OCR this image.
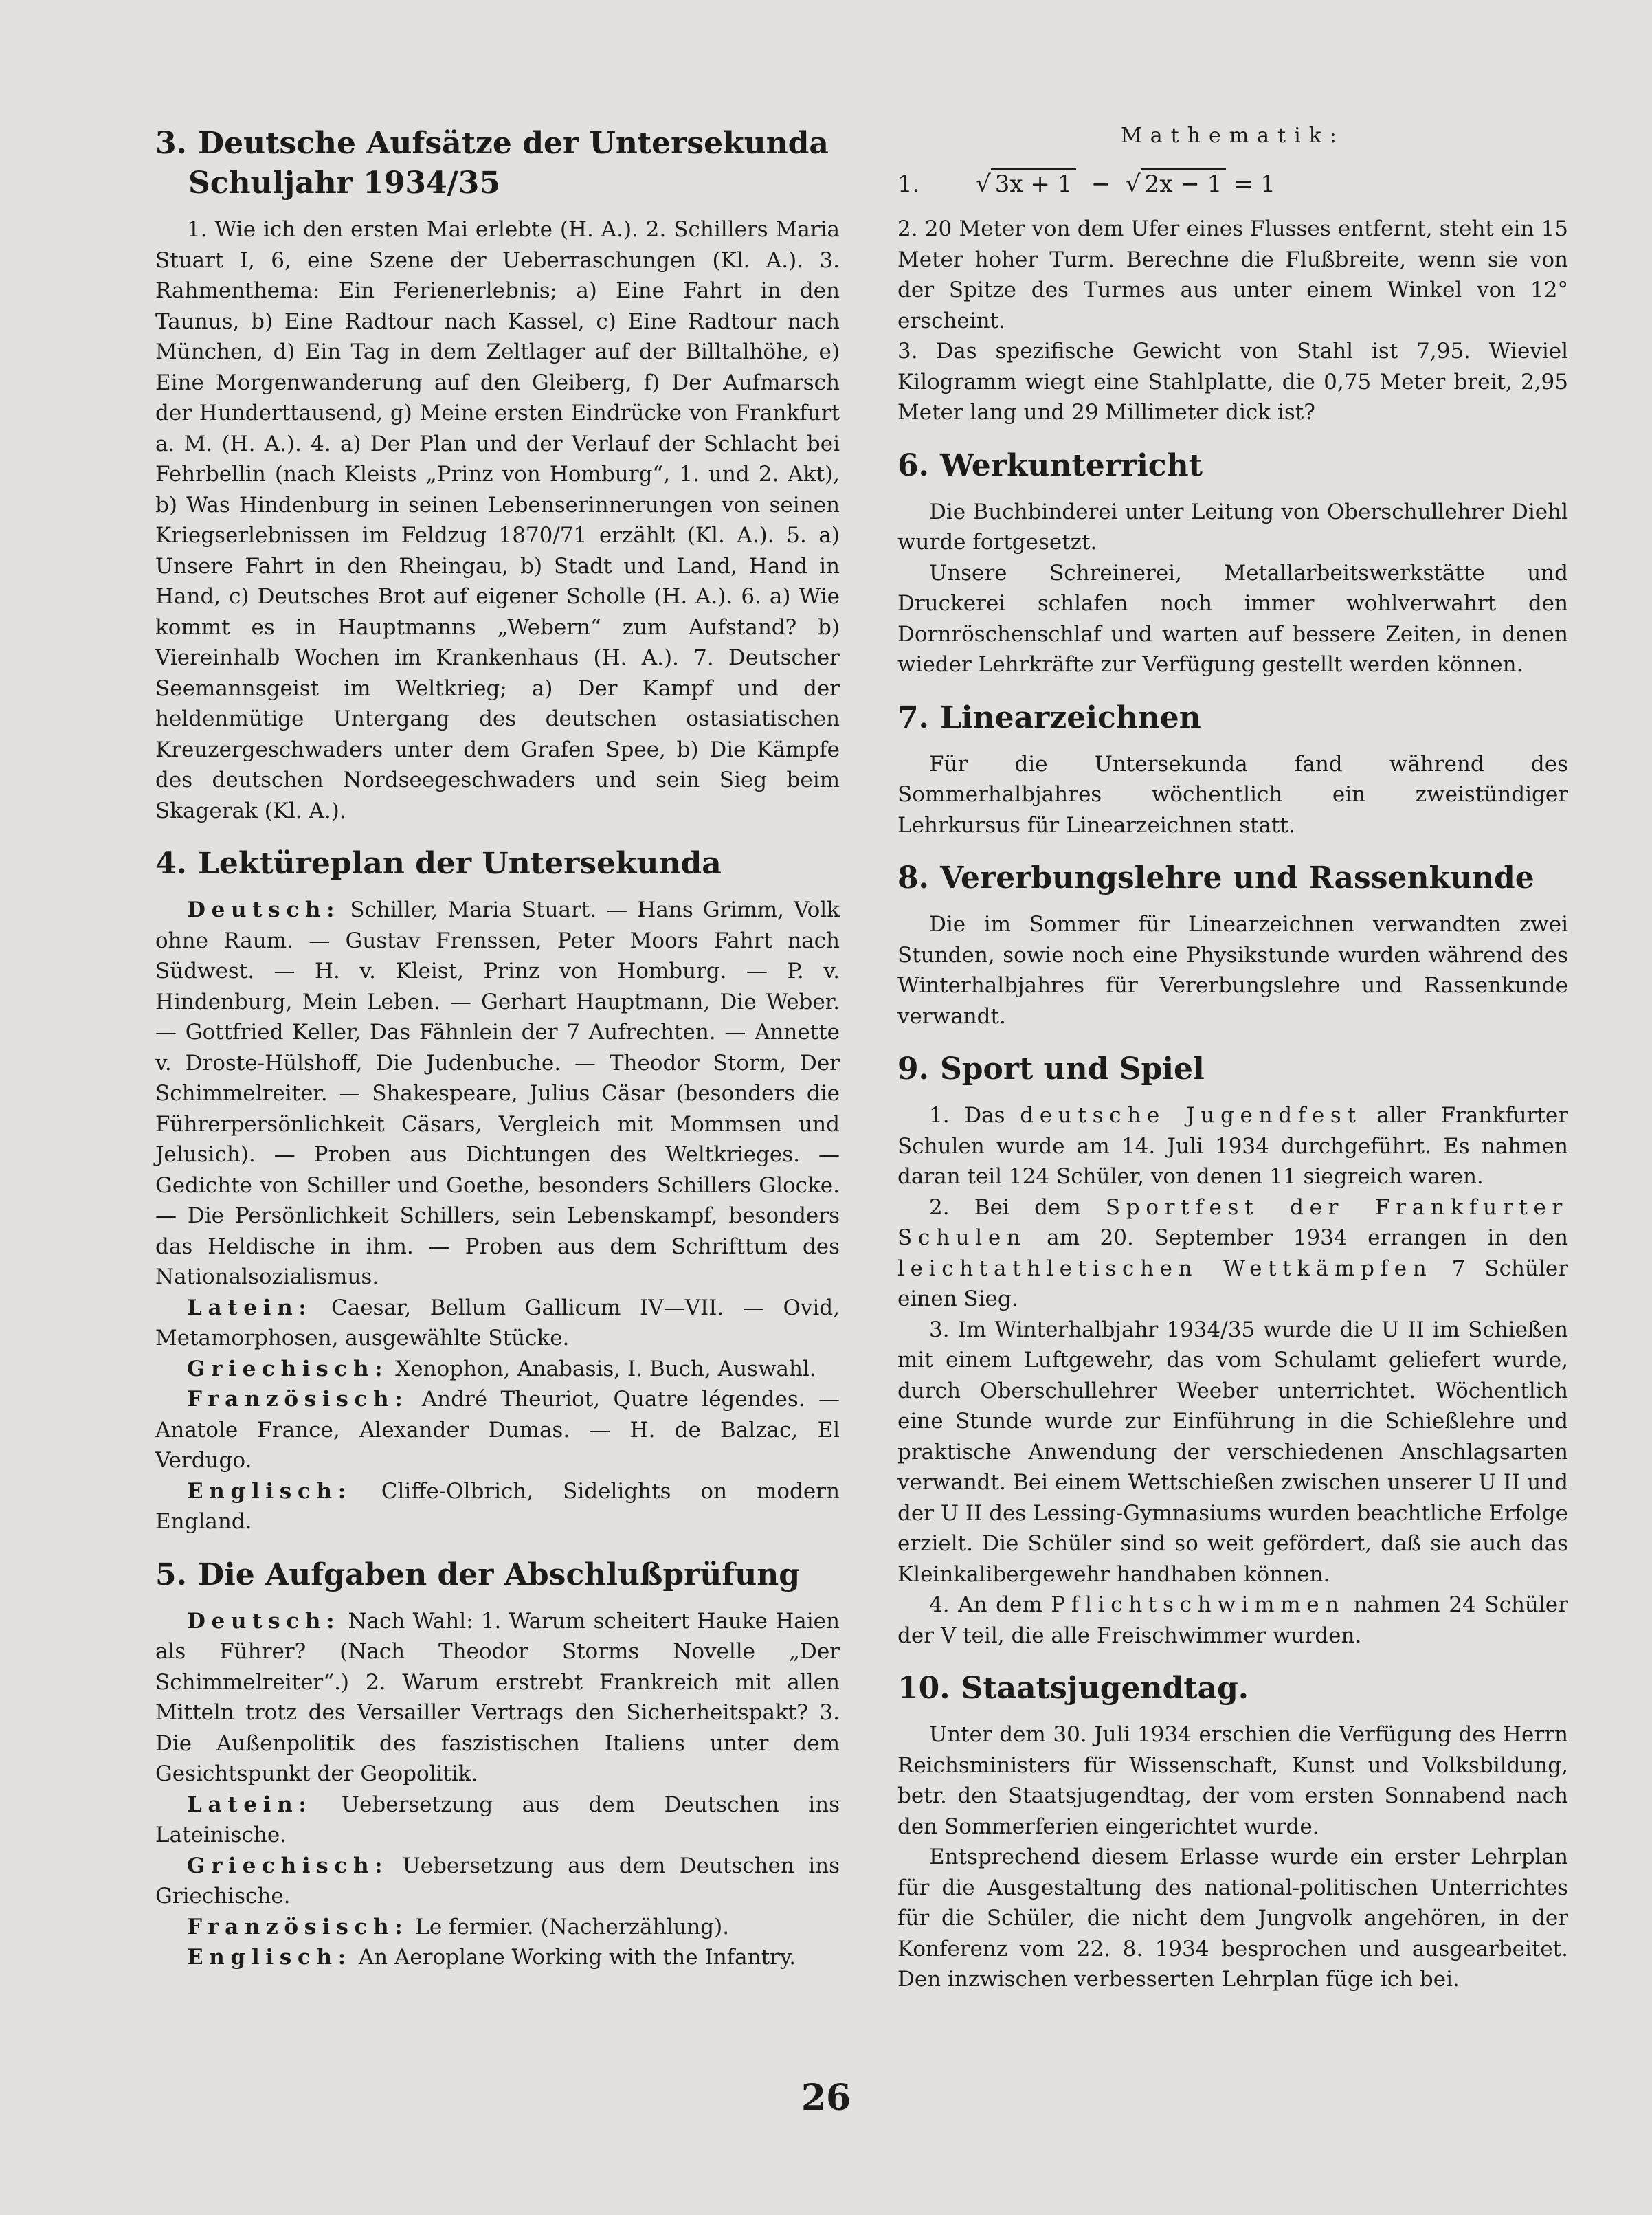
3. Deutsche Aufsätze der Untersekunda
Schuljahr 1934/35

1. Wie ich den ersten Mai erlebte (H. A.). 2. Schillers Maria Stuart I, 6, eine Szene der Ueberraschungen (Kl. A.). 3. Rahmenthema: Ein Ferienerlebnis; a) Eine Fahrt in den Taunus, b) Eine Radtour nach Kassel, c) Eine Radtour nach München, d) Ein Tag in dem Zeltlager auf der Billtalhöhe, e) Eine Morgenwanderung auf den Gleiberg, f) Der Aufmarsch der Hunderttausend, g) Meine ersten Eindrücke von Frankfurt a. M. (H. A.). 4. a) Der Plan und der Verlauf der Schlacht bei Fehrbellin (nach Kleists „Prinz von Homburg“, 1. und 2. Akt), b) Was Hindenburg in seinen Lebenserinnerungen von seinen Kriegserlebnissen im Feldzug 1870/71 erzählt (Kl. A.). 5. a) Unsere Fahrt in den Rheingau, b) Stadt und Land, Hand in Hand, c) Deutsches Brot auf eigener Scholle (H. A.). 6. a) Wie kommt es in Hauptmanns „Webern“ zum Aufstand? b) Viereinhalb Wochen im Krankenhaus (H. A.). 7. Deutscher Seemannsgeist im Weltkrieg; a) Der Kampf und der heldenmütige Untergang des deutschen ostasiatischen Kreuzergeschwaders unter dem Grafen Spee, b) Die Kämpfe des deutschen Nordseegeschwaders und sein Sieg beim Skagerak (Kl. A.).

4. Lektüreplan der Untersekunda

Deutsch: Schiller, Maria Stuart. — Hans Grimm, Volk ohne Raum. — Gustav Frenssen, Peter Moors Fahrt nach Südwest. — H. v. Kleist, Prinz von Homburg. — P. v. Hindenburg, Mein Leben. — Gerhart Hauptmann, Die Weber. — Gottfried Keller, Das Fähnlein der 7 Aufrechten. — Annette v. Droste-Hülshoff, Die Judenbuche. — Theodor Storm, Der Schimmelreiter. — Shakespeare, Julius Cäsar (besonders die Führerpersönlichkeit Cäsars, Vergleich mit Mommsen und Jelusich). — Proben aus Dichtungen des Weltkrieges. — Gedichte von Schiller und Goethe, besonders Schillers Glocke. — Die Persönlichkeit Schillers, sein Lebenskampf, besonders das Heldische in ihm. — Proben aus dem Schrifttum des Nationalsozialismus.

Latein: Caesar, Bellum Gallicum IV—VII. — Ovid, Metamorphosen, ausgewählte Stücke.

Griechisch: Xenophon, Anabasis, I. Buch, Auswahl.

Französisch: André Theuriot, Quatre légendes. — Anatole France, Alexander Dumas. — H. de Balzac, El Verdugo.

Englisch: Cliffe-Olbrich, Sidelights on modern England.

5. Die Aufgaben der Abschlußprüfung

Deutsch: Nach Wahl: 1. Warum scheitert Hauke Haien als Führer? (Nach Theodor Storms Novelle „Der Schimmelreiter“.) 2. Warum erstrebt Frankreich mit allen Mitteln trotz des Versailler Vertrags den Sicherheitspakt? 3. Die Außenpolitik des faszistischen Italiens unter dem Gesichtspunkt der Geopolitik.

Latein: Uebersetzung aus dem Deutschen ins Lateinische.

Griechisch: Uebersetzung aus dem Deutschen ins Griechische.

Französisch: Le fermier. (Nacherzählung).

Englisch: An Aeroplane Working with the Infantry.

Mathematik:
1. √ 3x + 1 − √ 2x − 1 = 1

2. 20 Meter von dem Ufer eines Flusses entfernt, steht ein 15 Meter hoher Turm. Berechne die Flußbreite, wenn sie von der Spitze des Turmes aus unter einem Winkel von 12° erscheint.

3. Das spezifische Gewicht von Stahl ist 7,95. Wieviel Kilogramm wiegt eine Stahlplatte, die 0,75 Meter breit, 2,95 Meter lang und 29 Millimeter dick ist?

6. Werkunterricht

Die Buchbinderei unter Leitung von Oberschullehrer Diehl wurde fortgesetzt.

Unsere Schreinerei, Metallarbeitswerkstätte und Druckerei schlafen noch immer wohlverwahrt den Dornröschenschlaf und warten auf bessere Zeiten, in denen wieder Lehrkräfte zur Verfügung gestellt werden können.

7. Linearzeichnen

Für die Untersekunda fand während des Sommerhalbjahres wöchentlich ein zweistündiger Lehrkursus für Linearzeichnen statt.

8. Vererbungslehre und Rassenkunde

Die im Sommer für Linearzeichnen verwandten zwei Stunden, sowie noch eine Physikstunde wurden während des Winterhalbjahres für Vererbungslehre und Rassenkunde verwandt.

9. Sport und Spiel

1. Das deutsche Jugendfest aller Frankfurter Schulen wurde am 14. Juli 1934 durchgeführt. Es nahmen daran teil 124 Schüler, von denen 11 siegreich waren.

2. Bei dem Sportfest der Frankfurter Schulen am 20. September 1934 errangen in den leichtathletischen Wettkämpfen 7 Schüler einen Sieg.

3. Im Winterhalbjahr 1934/35 wurde die U II im Schießen mit einem Luftgewehr, das vom Schulamt geliefert wurde, durch Oberschullehrer Weeber unterrichtet. Wöchentlich eine Stunde wurde zur Einführung in die Schießlehre und praktische Anwendung der verschiedenen Anschlagsarten verwandt. Bei einem Wettschießen zwischen unserer U II und der U II des Lessing-Gymnasiums wurden beachtliche Erfolge erzielt. Die Schüler sind so weit gefördert, daß sie auch das Kleinkalibergewehr handhaben können.

4. An dem Pflichtschwimmen nahmen 24 Schüler der V teil, die alle Freischwimmer wurden.

10. Staatsjugendtag.

Unter dem 30. Juli 1934 erschien die Verfügung des Herrn Reichsministers für Wissenschaft, Kunst und Volksbildung, betr. den Staatsjugendtag, der vom ersten Sonnabend nach den Sommerferien eingerichtet wurde.

Entsprechend diesem Erlasse wurde ein erster Lehrplan für die Ausgestaltung des national-politischen Unterrichtes für die Schüler, die nicht dem Jungvolk angehören, in der Konferenz vom 22. 8. 1934 besprochen und ausgearbeitet. Den inzwischen verbesserten Lehrplan füge ich bei.

26
